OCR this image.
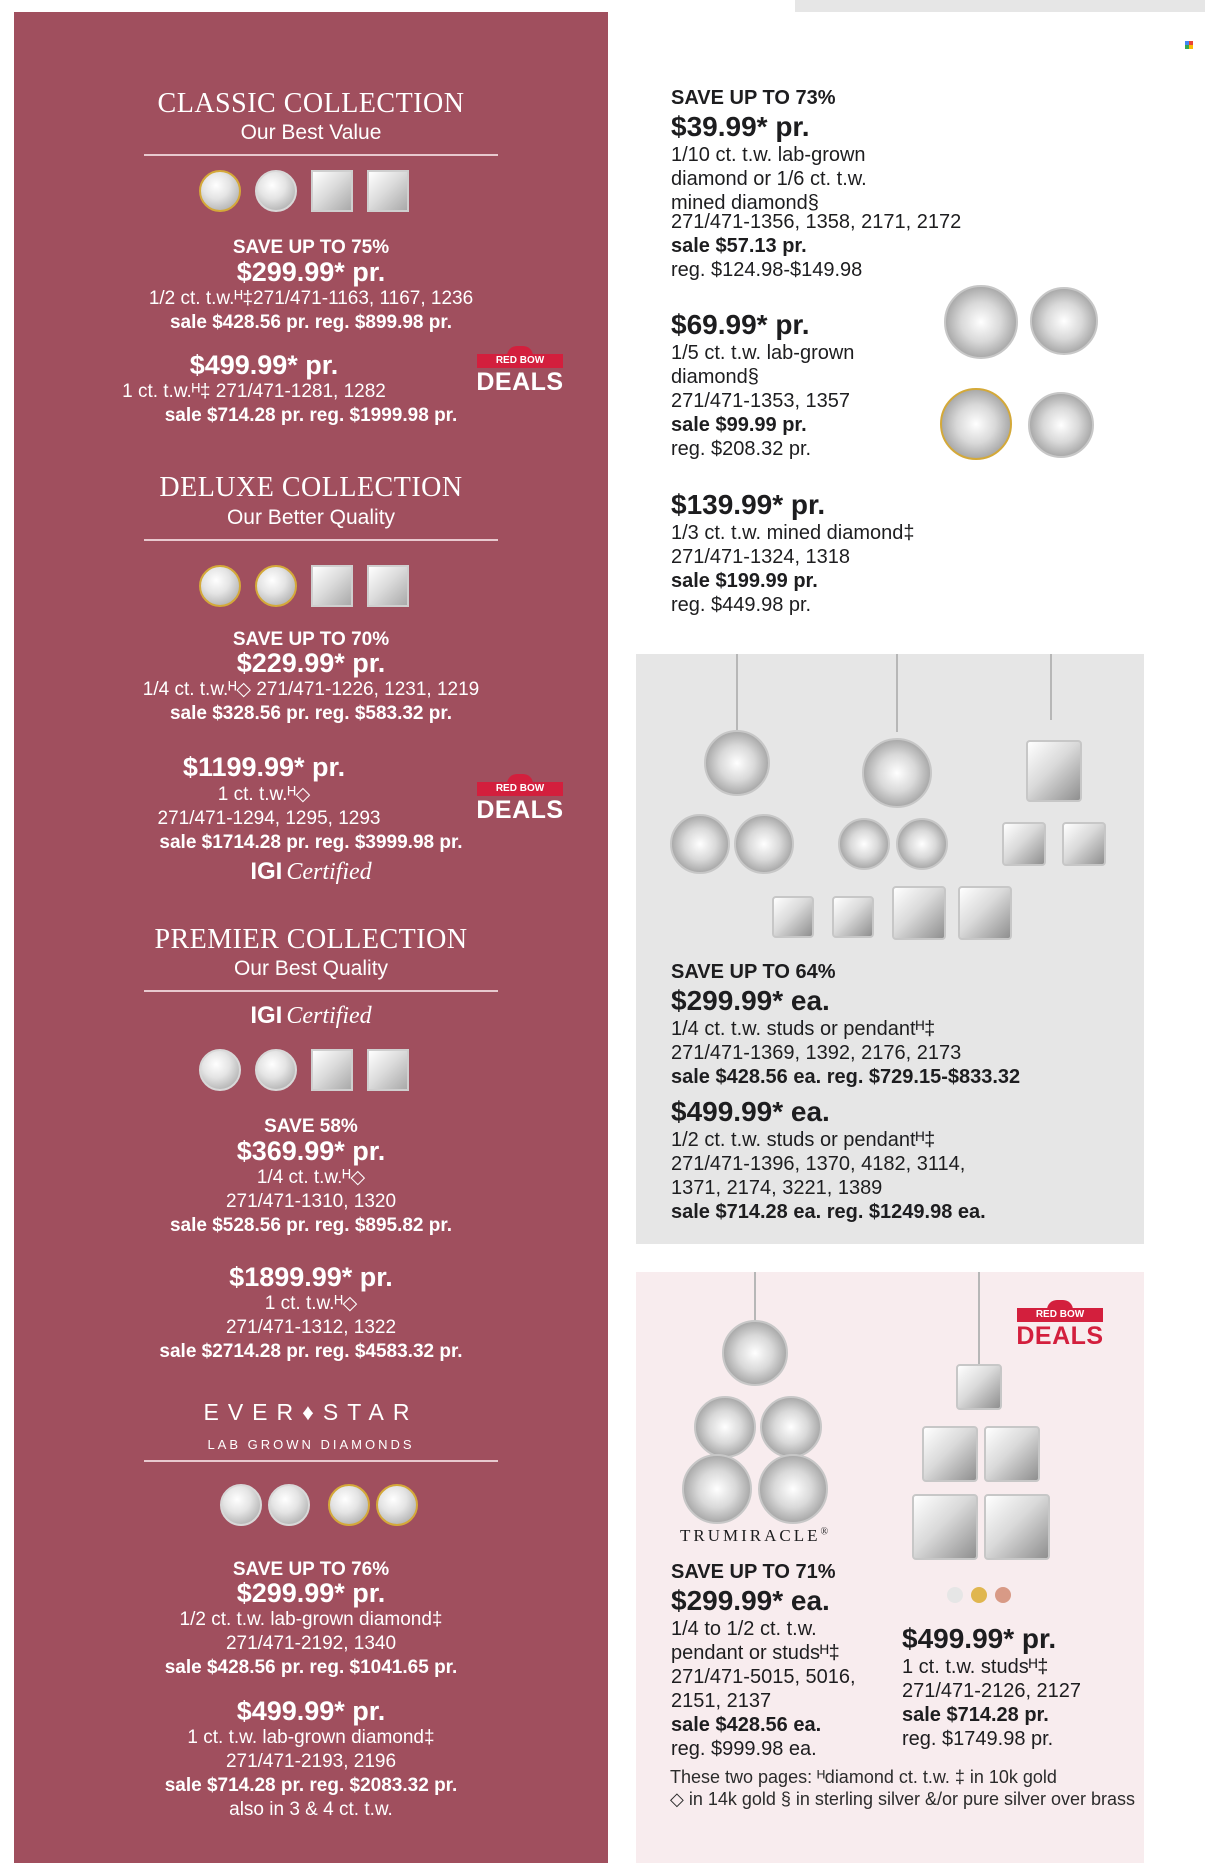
CLASSIC COLLECTION
Our Best Value
SAVE UP TO 75%
$299.99* pr.
1/2 ct. t.w.ᴴ‡271/471-1163, 1167, 1236
sale $428.56 pr. reg. $899.98 pr.
$499.99* pr.
1 ct. t.w.ᴴ‡ 271/471-1281, 1282
sale $714.28 pr. reg. $1999.98 pr.
RED BOW
DEALS
DELUXE COLLECTION
Our Better Quality
SAVE UP TO 70%
$229.99* pr.
1/4 ct. t.w.ᴴ◇ 271/471-1226, 1231, 1219
sale $328.56 pr. reg. $583.32 pr.
$1199.99* pr.
1 ct. t.w.ᴴ◇
271/471-1294, 1295, 1293
sale $1714.28 pr. reg. $3999.98 pr.
IGI Certified
RED BOW
DEALS
PREMIER COLLECTION
Our Best Quality
IGI Certified
SAVE 58%
$369.99* pr.
1/4 ct. t.w.ᴴ◇
271/471-1310, 1320
sale $528.56 pr. reg. $895.82 pr.
$1899.99* pr.
1 ct. t.w.ᴴ◇
271/471-1312, 1322
sale $2714.28 pr. reg. $4583.32 pr.
EVER♦STAR
LAB GROWN DIAMONDS
SAVE UP TO 76%
$299.99* pr.
1/2 ct. t.w. lab-grown diamond‡
271/471-2192, 1340
sale $428.56 pr. reg. $1041.65 pr.
$499.99* pr.
1 ct. t.w. lab-grown diamond‡
271/471-2193, 2196
sale $714.28 pr. reg. $2083.32 pr.
also in 3 & 4 ct. t.w.
SAVE UP TO 73%
$39.99* pr.
1/10 ct. t.w. lab-grown
diamond or 1/6 ct. t.w.
mined diamond§
271/471-1356, 1358, 2171, 2172
sale $57.13 pr.
reg. $124.98-$149.98
$69.99* pr.
1/5 ct. t.w. lab-grown
diamond§
271/471-1353, 1357
sale $99.99 pr.
reg. $208.32 pr.
$139.99* pr.
1/3 ct. t.w. mined diamond‡
271/471-1324, 1318
sale $199.99 pr.
reg. $449.98 pr.
SAVE UP TO 64%
$299.99* ea.
1/4 ct. t.w. studs or pendantᴴ‡
271/471-1369, 1392, 2176, 2173
sale $428.56 ea. reg. $729.15-$833.32
$499.99* ea.
1/2 ct. t.w. studs or pendantᴴ‡
271/471-1396, 1370, 4182, 3114,
1371, 2174, 3221, 1389
sale $714.28 ea. reg. $1249.98 ea.
TRUMIRACLE®
RED BOW
DEALS
SAVE UP TO 71%
$299.99* ea.
1/4 to 1/2 ct. t.w.
pendant or studsᴴ‡
271/471-5015, 5016,
2151, 2137
sale $428.56 ea.
reg. $999.98 ea.
$499.99* pr.
1 ct. t.w. studsᴴ‡
271/471-2126, 2127
sale $714.28 pr.
reg. $1749.98 pr.
These two pages: ᴴdiamond ct. t.w. ‡ in 10k gold
◇ in 14k gold § in sterling silver &/or pure silver over brass
